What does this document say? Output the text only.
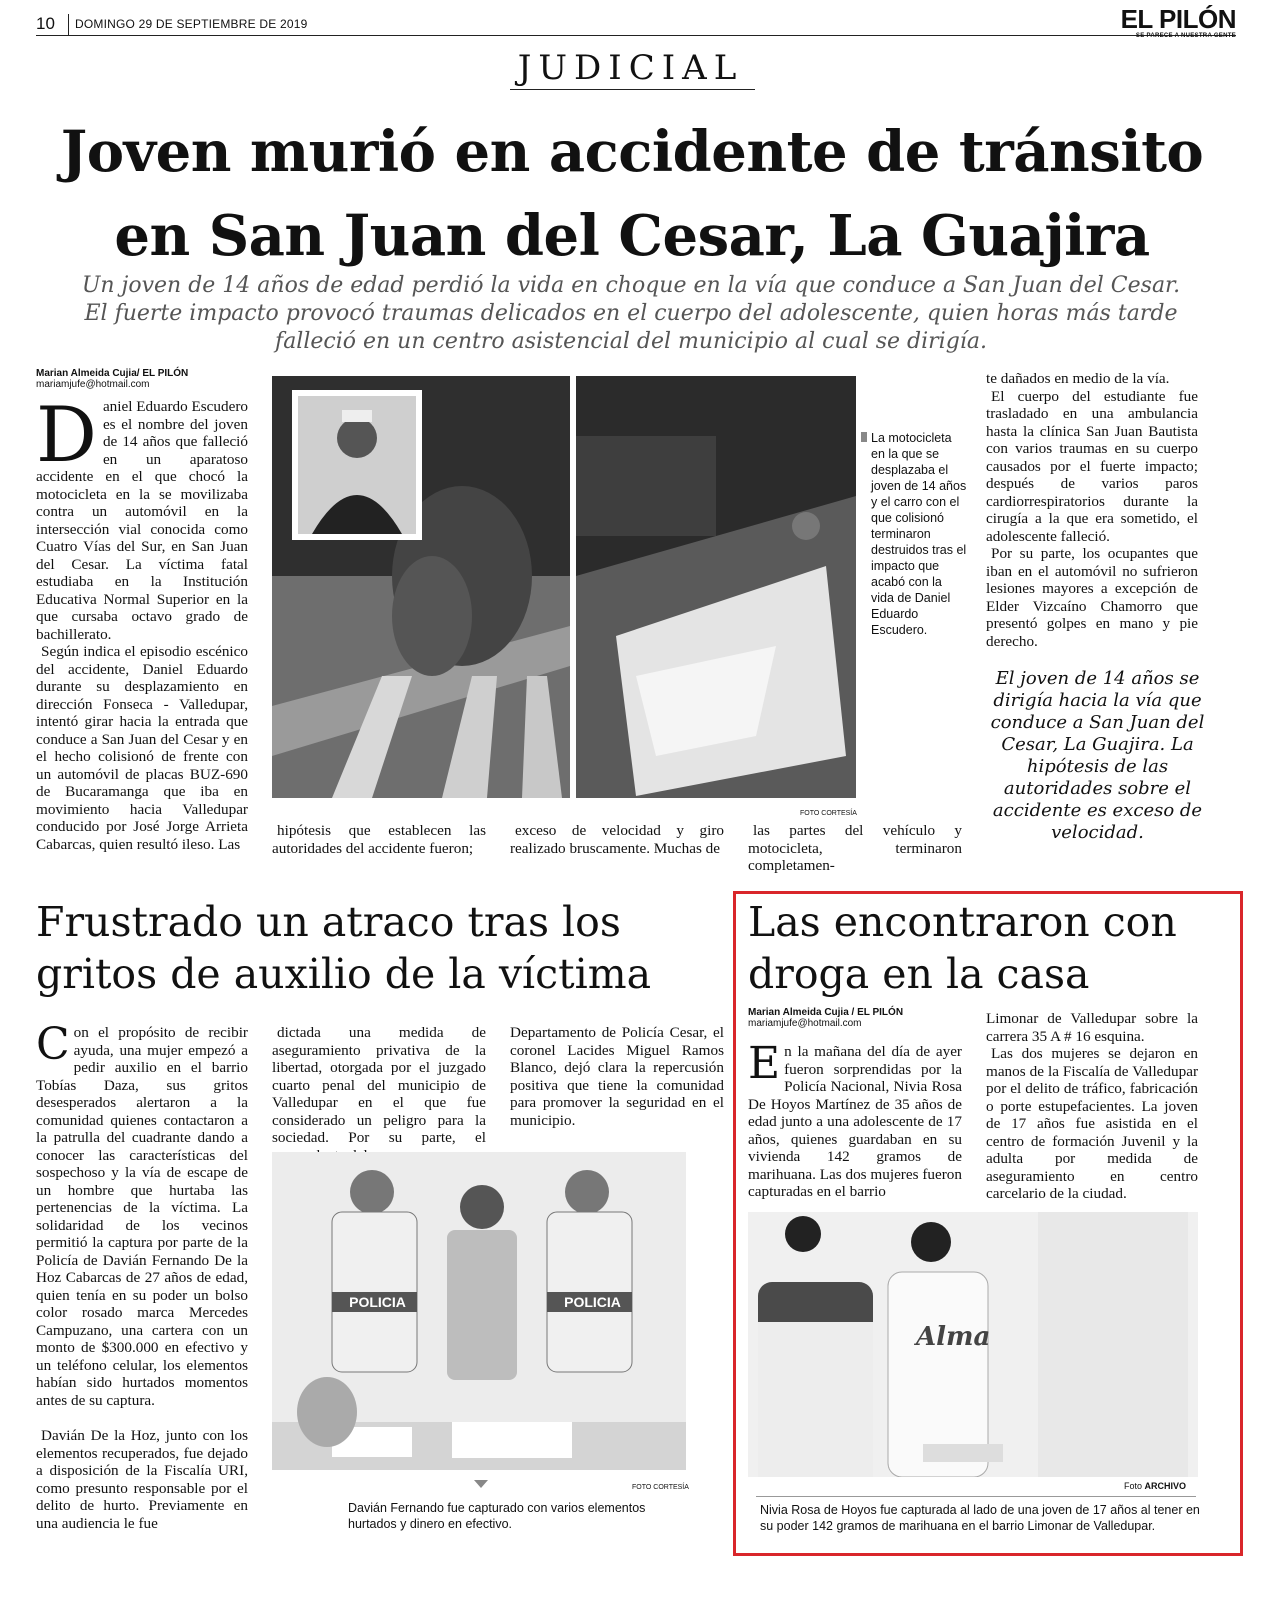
10 DOMINGO 29 DE SEPTIEMBRE DE 2019	EL PILÓN
SE PARECE A NUESTRA GENTE
JUDICIAL
Joven murió en accidente de tránsito en San Juan del Cesar, La Guajira
Un joven de 14 años de edad perdió la vida en choque en la vía que conduce a San Juan del Cesar. El fuerte impacto provocó traumas delicados en el cuerpo del adolescente, quien horas más tarde falleció en un centro asistencial del municipio al cual se dirigía.
Marian Almeida Cujia/ EL PILÓN
mariamjufe@hotmail.com

Daniel Eduardo Escudero es el nombre del joven de 14 años que falleció en un aparatoso accidente en el que chocó la motocicleta en la se movilizaba contra un automóvil en la intersección vial conocida como Cuatro Vías del Sur, en San Juan del Cesar. La víctima fatal estudiaba en la Institución Educativa Normal Superior en la que cursaba octavo grado de bachillerato.

Según indica el episodio escénico del accidente, Daniel Eduardo durante su desplazamiento en dirección Fonseca - Valledupar, intentó girar hacia la entrada que conduce a San Juan del Cesar y en el hecho colisionó de frente con un automóvil de placas BUZ-690 de Bucaramanga que iba en movimiento hacia Valledupar conducido por José Jorge Arrieta Cabarcas, quien resultó ileso. Las

FOTO CORTESÍA
La motocicleta en la que se desplazaba el joven de 14 años y el carro con el que colisionó terminaron destruidos tras el impacto que acabó con la vida de Daniel Eduardo Escudero.

hipótesis que establecen las autoridades del accidente fueron;

exceso de velocidad y giro realizado bruscamente. Muchas de

las partes del vehículo y motocicleta, terminaron completamen-

te dañados en medio de la vía.

El cuerpo del estudiante fue trasladado en una ambulancia hasta la clínica San Juan Bautista con varios traumas en su cuerpo causados por el fuerte impacto; después de varios paros cardiorrespiratorios durante la cirugía a la que era sometido, el adolescente falleció.

Por su parte, los ocupantes que iban en el automóvil no sufrieron lesiones mayores a excepción de Elder Vizcaíno Chamorro que presentó golpes en mano y pie derecho.

El joven de 14 años se dirigía hacia la vía que conduce a San Juan del Cesar, La Guajira. La hipótesis de las autoridades sobre el accidente es exceso de velocidad.
Frustrado un atraco tras los gritos de auxilio de la víctima

Con el propósito de recibir ayuda, una mujer empezó a pedir auxilio en el barrio Tobías Daza, sus gritos desesperados alertaron a la comunidad quienes contactaron a la patrulla del cuadrante dando a conocer las características del sospechoso y la vía de escape de un hombre que hurtaba las pertenencias de la víctima. La solidaridad de los vecinos permitió la captura por parte de la Policía de Davián Fernando De la Hoz Cabarcas de 27 años de edad, quien tenía en su poder un bolso color rosado marca Mercedes Campuzano, una cartera con un monto de $300.000 en efectivo y un teléfono celular, los elementos habían sido hurtados momentos antes de su captura.

Davián De la Hoz, junto con los elementos recuperados, fue dejado a disposición de la Fiscalía URI, como presunto responsable por el delito de hurto. Previamente en una audiencia le fue

dictada una medida de aseguramiento privativa de la libertad, otorgada por el juzgado cuarto penal del municipio de Valledupar en el que fue considerado un peligro para la sociedad. Por su parte, el

Departamento de Policía Cesar, el coronel Lacides Miguel Ramos Blanco, dejó clara la repercusión positiva que tiene la comunidad para promover la seguridad en el municipio.

POLICIA	POLICIA
FOTO CORTESÍA
Davián Fernando fue capturado con varios elementos hurtados y dinero en efectivo.
Las encontraron con droga en la casa
Marian Almeida Cujia / EL PILÓN
mariamjufe@hotmail.com

En la mañana del día de ayer fueron sorprendidas por la Policía Nacional, Nivia Rosa De Hoyos Martínez de 35 años de edad junto a una adolescente de 17 años, quienes guardaban en su vivienda 142 gramos de marihuana. Las dos mujeres fueron capturadas en el barrio

Limonar de Valledupar sobre la carrera 35 A # 16 esquina.

Las dos mujeres se dejaron en manos de la Fiscalía de Valledupar por el delito de tráfico, fabricación o porte estupefacientes. La joven de 17 años fue asistida en el centro de formación Juvenil y la adulta por medida de aseguramiento en centro carcelario de la ciudad.

Alma
Foto ARCHIVO
Nivia Rosa de Hoyos fue capturada al lado de una joven de 17 años al tener en su poder 142 gramos de marihuana en el barrio Limonar de Valledupar.
